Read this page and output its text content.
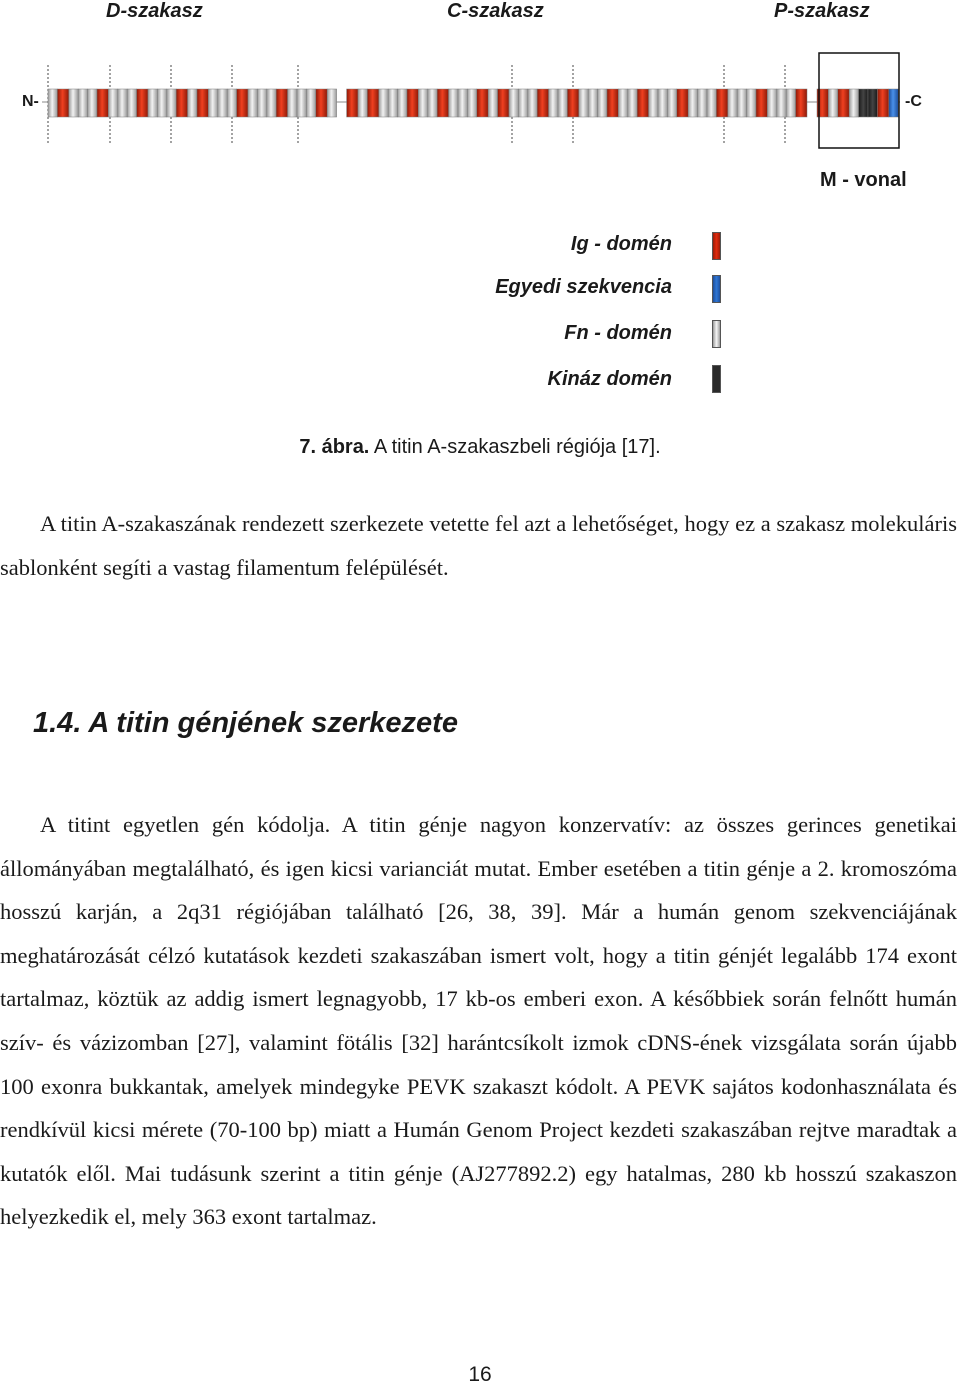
D-szakasz	C-szakasz	P-szakasz
N-	-C
M - vonal
Ig - domén
Egyedi szekvencia
Fn - domén
Kináz domén
7. ábra. A titin A-szakaszbeli régiója [17].

A titin A-szakaszának rendezett szerkezete vetette fel azt a lehetőséget, hogy ez a szakasz molekuláris sablonként segíti a vastag filamentum felépülését.

1.4. A titin génjének szerkezete

A titint egyetlen gén kódolja. A titin génje nagyon konzervatív: az összes gerinces genetikai állományában megtalálható, és igen kicsi varianciát mutat. Ember esetében a titin génje a 2. kromoszóma hosszú karján, a 2q31 régiójában található [26, 38, 39]. Már a humán genom szekvenciájának meghatározását célzó kutatások kezdeti szakaszában ismert volt, hogy a titin génjét legalább 174 exont tartalmaz, köztük az addig ismert legnagyobb, 17 kb-os emberi exon. A későbbiek során felnőtt humán szív- és vázizomban [27], valamint fötális [32] harántcsíkolt izmok cDNS-ének vizsgálata során újabb 100 exonra bukkantak, amelyek mindegyke PEVK szakaszt kódolt. A PEVK sajátos kodonhasználata és rendkívül kicsi mérete (70-100 bp) miatt a Humán Genom Project kezdeti szakaszában rejtve maradtak a kutatók elől. Mai tudásunk szerint a titin génje (AJ277892.2) egy hatalmas, 280 kb hosszú szakaszon helyezkedik el, mely 363 exont tartalmaz.

16
